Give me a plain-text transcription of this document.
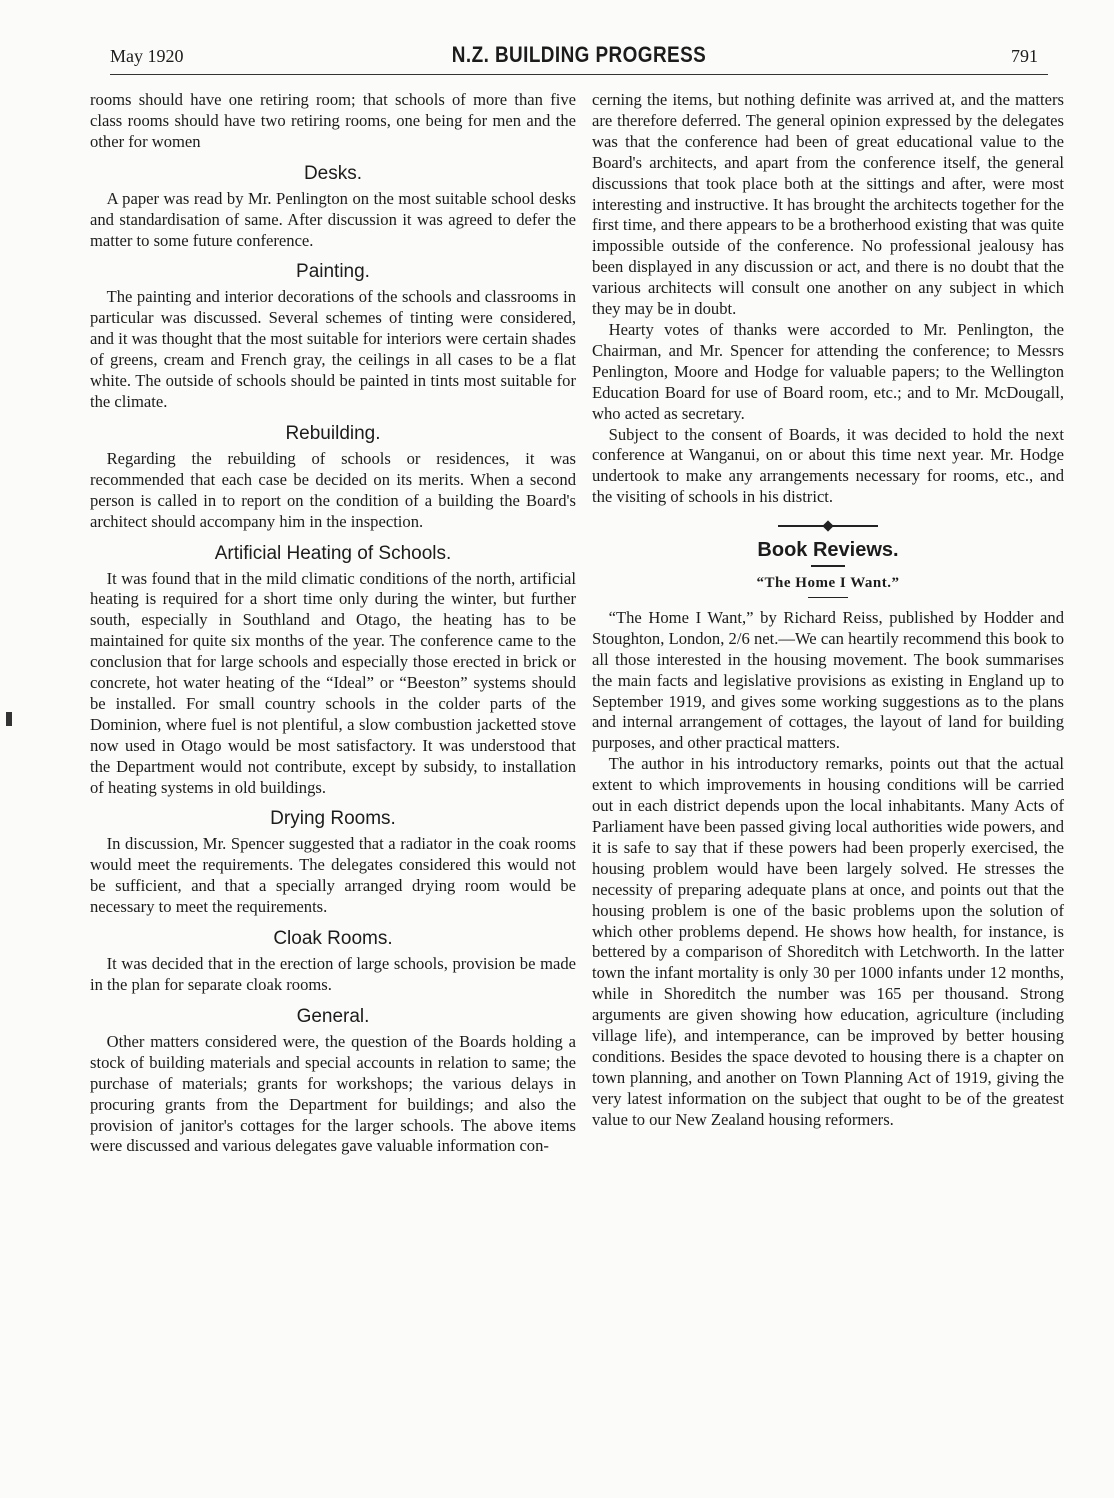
May 1920	N.Z. BUILDING PROGRESS	791

rooms should have one retiring room; that schools of more than five class rooms should have two retiring rooms, one being for men and the other for women

Desks.

A paper was read by Mr. Penlington on the most suitable school desks and standardisation of same. After discussion it was agreed to defer the matter to some future conference.

Painting.

The painting and interior decorations of the schools and classrooms in particular was discussed. Several schemes of tinting were considered, and it was thought that the most suitable for interiors were certain shades of greens, cream and French gray, the ceilings in all cases to be a flat white. The outside of schools should be painted in tints most suitable for the climate.

Rebuilding.

Regarding the rebuilding of schools or residences, it was recommended that each case be decided on its merits. When a second person is called in to report on the condition of a building the Board's architect should accompany him in the inspection.

Artificial Heating of Schools.

It was found that in the mild climatic conditions of the north, artificial heating is required for a short time only during the winter, but further south, especially in Southland and Otago, the heating has to be maintained for quite six months of the year. The conference came to the conclusion that for large schools and especially those erected in brick or concrete, hot water heating of the “Ideal” or “Beeston” systems should be installed. For small country schools in the colder parts of the Dominion, where fuel is not plentiful, a slow combustion jacketted stove now used in Otago would be most satisfactory. It was understood that the Department would not contribute, except by subsidy, to installation of heating systems in old buildings.

Drying Rooms.

In discussion, Mr. Spencer suggested that a radiator in the coak rooms would meet the requirements. The delegates considered this would not be sufficient, and that a specially arranged drying room would be necessary to meet the requirements.

Cloak Rooms.

It was decided that in the erection of large schools, provision be made in the plan for separate cloak rooms.

General.

Other matters considered were, the question of the Boards holding a stock of building materials and special accounts in relation to same; the purchase of materials; grants for workshops; the various delays in procuring grants from the Department for buildings; and also the provision of janitor's cottages for the larger schools. The above items were discussed and various delegates gave valuable information con-

cerning the items, but nothing definite was arrived at, and the matters are therefore deferred. The general opinion expressed by the delegates was that the conference had been of great educational value to the Board's architects, and apart from the conference itself, the general discussions that took place both at the sittings and after, were most interesting and instructive. It has brought the architects together for the first time, and there appears to be a brotherhood existing that was quite impossible outside of the conference. No professional jealousy has been displayed in any discussion or act, and there is no doubt that the various architects will consult one another on any subject in which they may be in doubt.

Hearty votes of thanks were accorded to Mr. Penlington, the Chairman, and Mr. Spencer for attending the conference; to Messrs Penlington, Moore and Hodge for valuable papers; to the Wellington Education Board for use of Board room, etc.; and to Mr. McDougall, who acted as secretary.

Subject to the consent of Boards, it was decided to hold the next conference at Wanganui, on or about this time next year. Mr. Hodge undertook to make any arrangements necessary for rooms, etc., and the visiting of schools in his district.

Book Reviews.
“The Home I Want.”

“The Home I Want,” by Richard Reiss, published by Hodder and Stoughton, London, 2/6 net.—We can heartily recommend this book to all those interested in the housing movement. The book summarises the main facts and legislative provisions as existing in England up to September 1919, and gives some working suggestions as to the plans and internal arrangement of cottages, the layout of land for building purposes, and other practical matters.

The author in his introductory remarks, points out that the actual extent to which improvements in housing conditions will be carried out in each district depends upon the local inhabitants. Many Acts of Parliament have been passed giving local authorities wide powers, and it is safe to say that if these powers had been properly exercised, the housing problem would have been largely solved. He stresses the necessity of preparing adequate plans at once, and points out that the housing problem is one of the basic problems upon the solution of which other problems depend. He shows how health, for instance, is bettered by a comparison of Shoreditch with Letchworth. In the latter town the infant mortality is only 30 per 1000 infants under 12 months, while in Shoreditch the number was 165 per thousand. Strong arguments are given showing how education, agriculture (including village life), and intemperance, can be improved by better housing conditions. Besides the space devoted to housing there is a chapter on town planning, and another on Town Planning Act of 1919, giving the very latest information on the subject that ought to be of the greatest value to our New Zealand housing reformers.
